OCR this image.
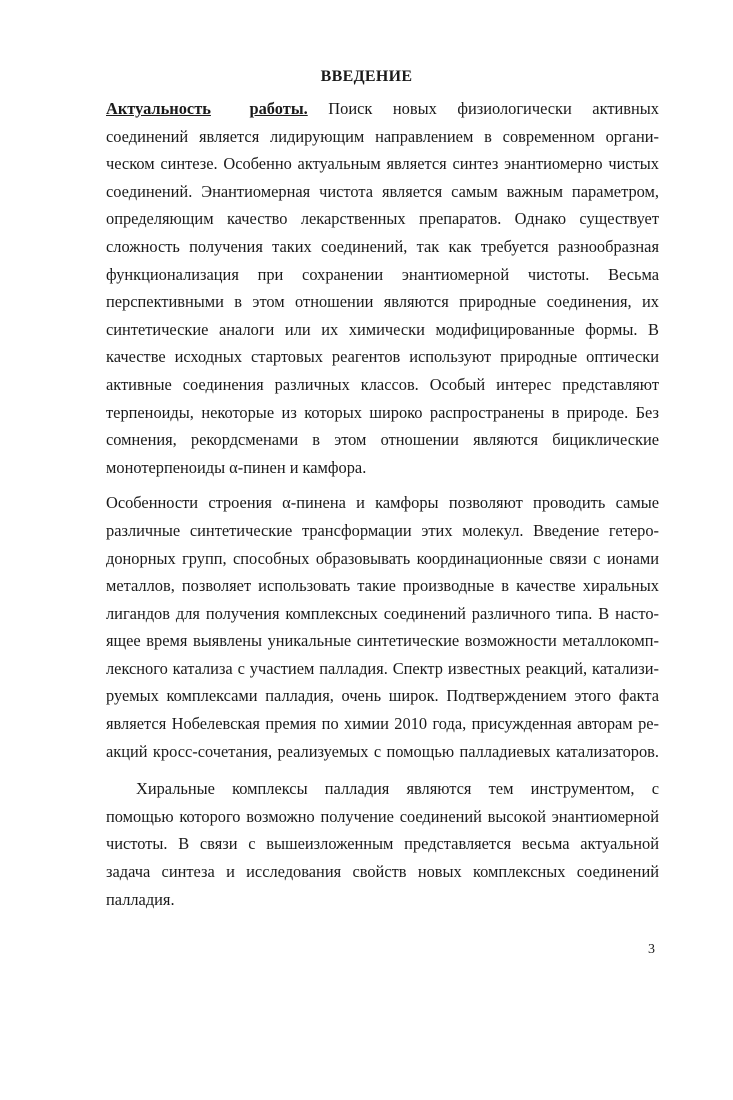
ВВЕДЕНИЕ
Актуальность работы. Поиск новых физиологически активных
соединений является лидирующим направлением в современном органи-
ческом синтезе. Особенно актуальным является синтез энантиомерно чистых
соединений. Энантиомерная чистота является самым важным параметром,
определяющим качество лекарственных препаратов. Однако существует
сложность получения таких соединений, так как требуется разнообразная
функционализация при сохранении энантиомерной чистоты. Весьма
перспективными в этом отношении являются природные соединения, их
синтетические аналоги или их химически модифицированные формы. В
качестве исходных стартовых реагентов используют природные оптически
активные соединения различных классов. Особый интерес представляют
терпеноиды, некоторые из которых широко распространены в природе. Без
сомнения, рекордсменами в этом отношении являются бициклические
монотерпеноиды α-пинен и камфора.
Особенности строения α-пинена и камфоры позволяют проводить самые
различные синтетические трансформации этих молекул. Введение гетеро-
донорных групп, способных образовывать координационные связи с ионами
металлов, позволяет использовать такие производные в качестве хиральных
лигандов для получения комплексных соединений различного типа. В насто-
ящее время выявлены уникальные синтетические возможности металлокомп-
лексного катализа с участием палладия. Спектр известных реакций, катализи-
руемых комплексами палладия, очень широк. Подтверждением этого факта
является Нобелевская премия по химии 2010 года, присужденная авторам ре-
акций кросс-сочетания, реализуемых с помощью палладиевых катализаторов.
Хиральные комплексы палладия являются тем инструментом, с
помощью которого возможно получение соединений высокой энантиомерной
чистоты. В связи с вышеизложенным представляется весьма актуальной
задача синтеза и исследования свойств новых комплексных соединений
палладия.
3
